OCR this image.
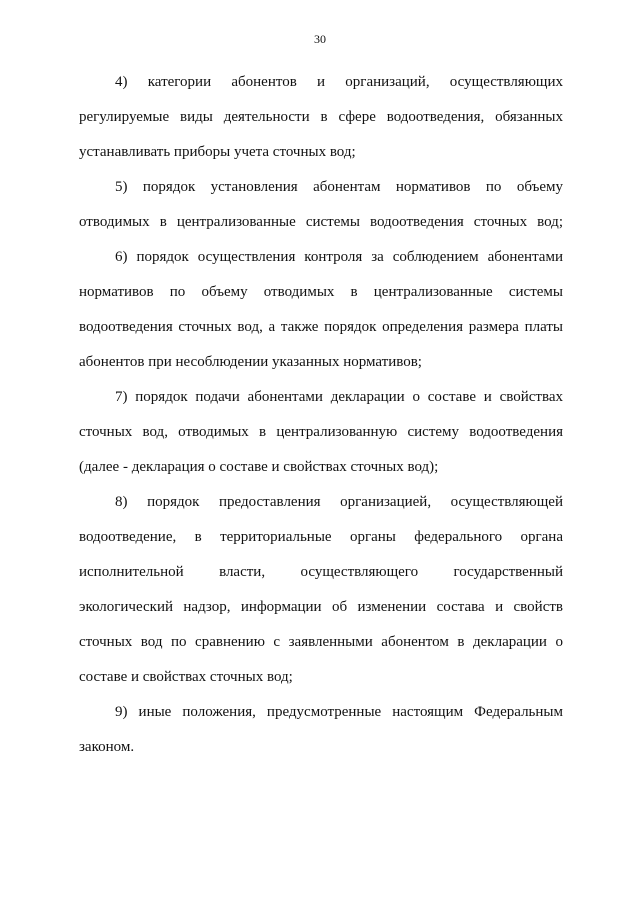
30

4) категории абонентов и организаций, осуществляющих
регулируемые виды деятельности в сфере водоотведения, обязанных
устанавливать приборы учета сточных вод;

5) порядок установления абонентам нормативов по объему
отводимых в централизованные системы водоотведения сточных вод;

6) порядок осуществления контроля за соблюдением абонентами
нормативов по объему отводимых в централизованные системы
водоотведения сточных вод, а также порядок определения размера платы
абонентов при несоблюдении указанных нормативов;

7) порядок подачи абонентами декларации о составе и свойствах
сточных вод, отводимых в централизованную систему водоотведения
(далее - декларация о составе и свойствах сточных вод);

8) порядок предоставления организацией, осуществляющей
водоотведение, в территориальные органы федерального органа
исполнительной власти, осуществляющего государственный
экологический надзор, информации об изменении состава и свойств
сточных вод по сравнению с заявленными абонентом в декларации о
составе и свойствах сточных вод;

9) иные положения, предусмотренные настоящим Федеральным
законом.
